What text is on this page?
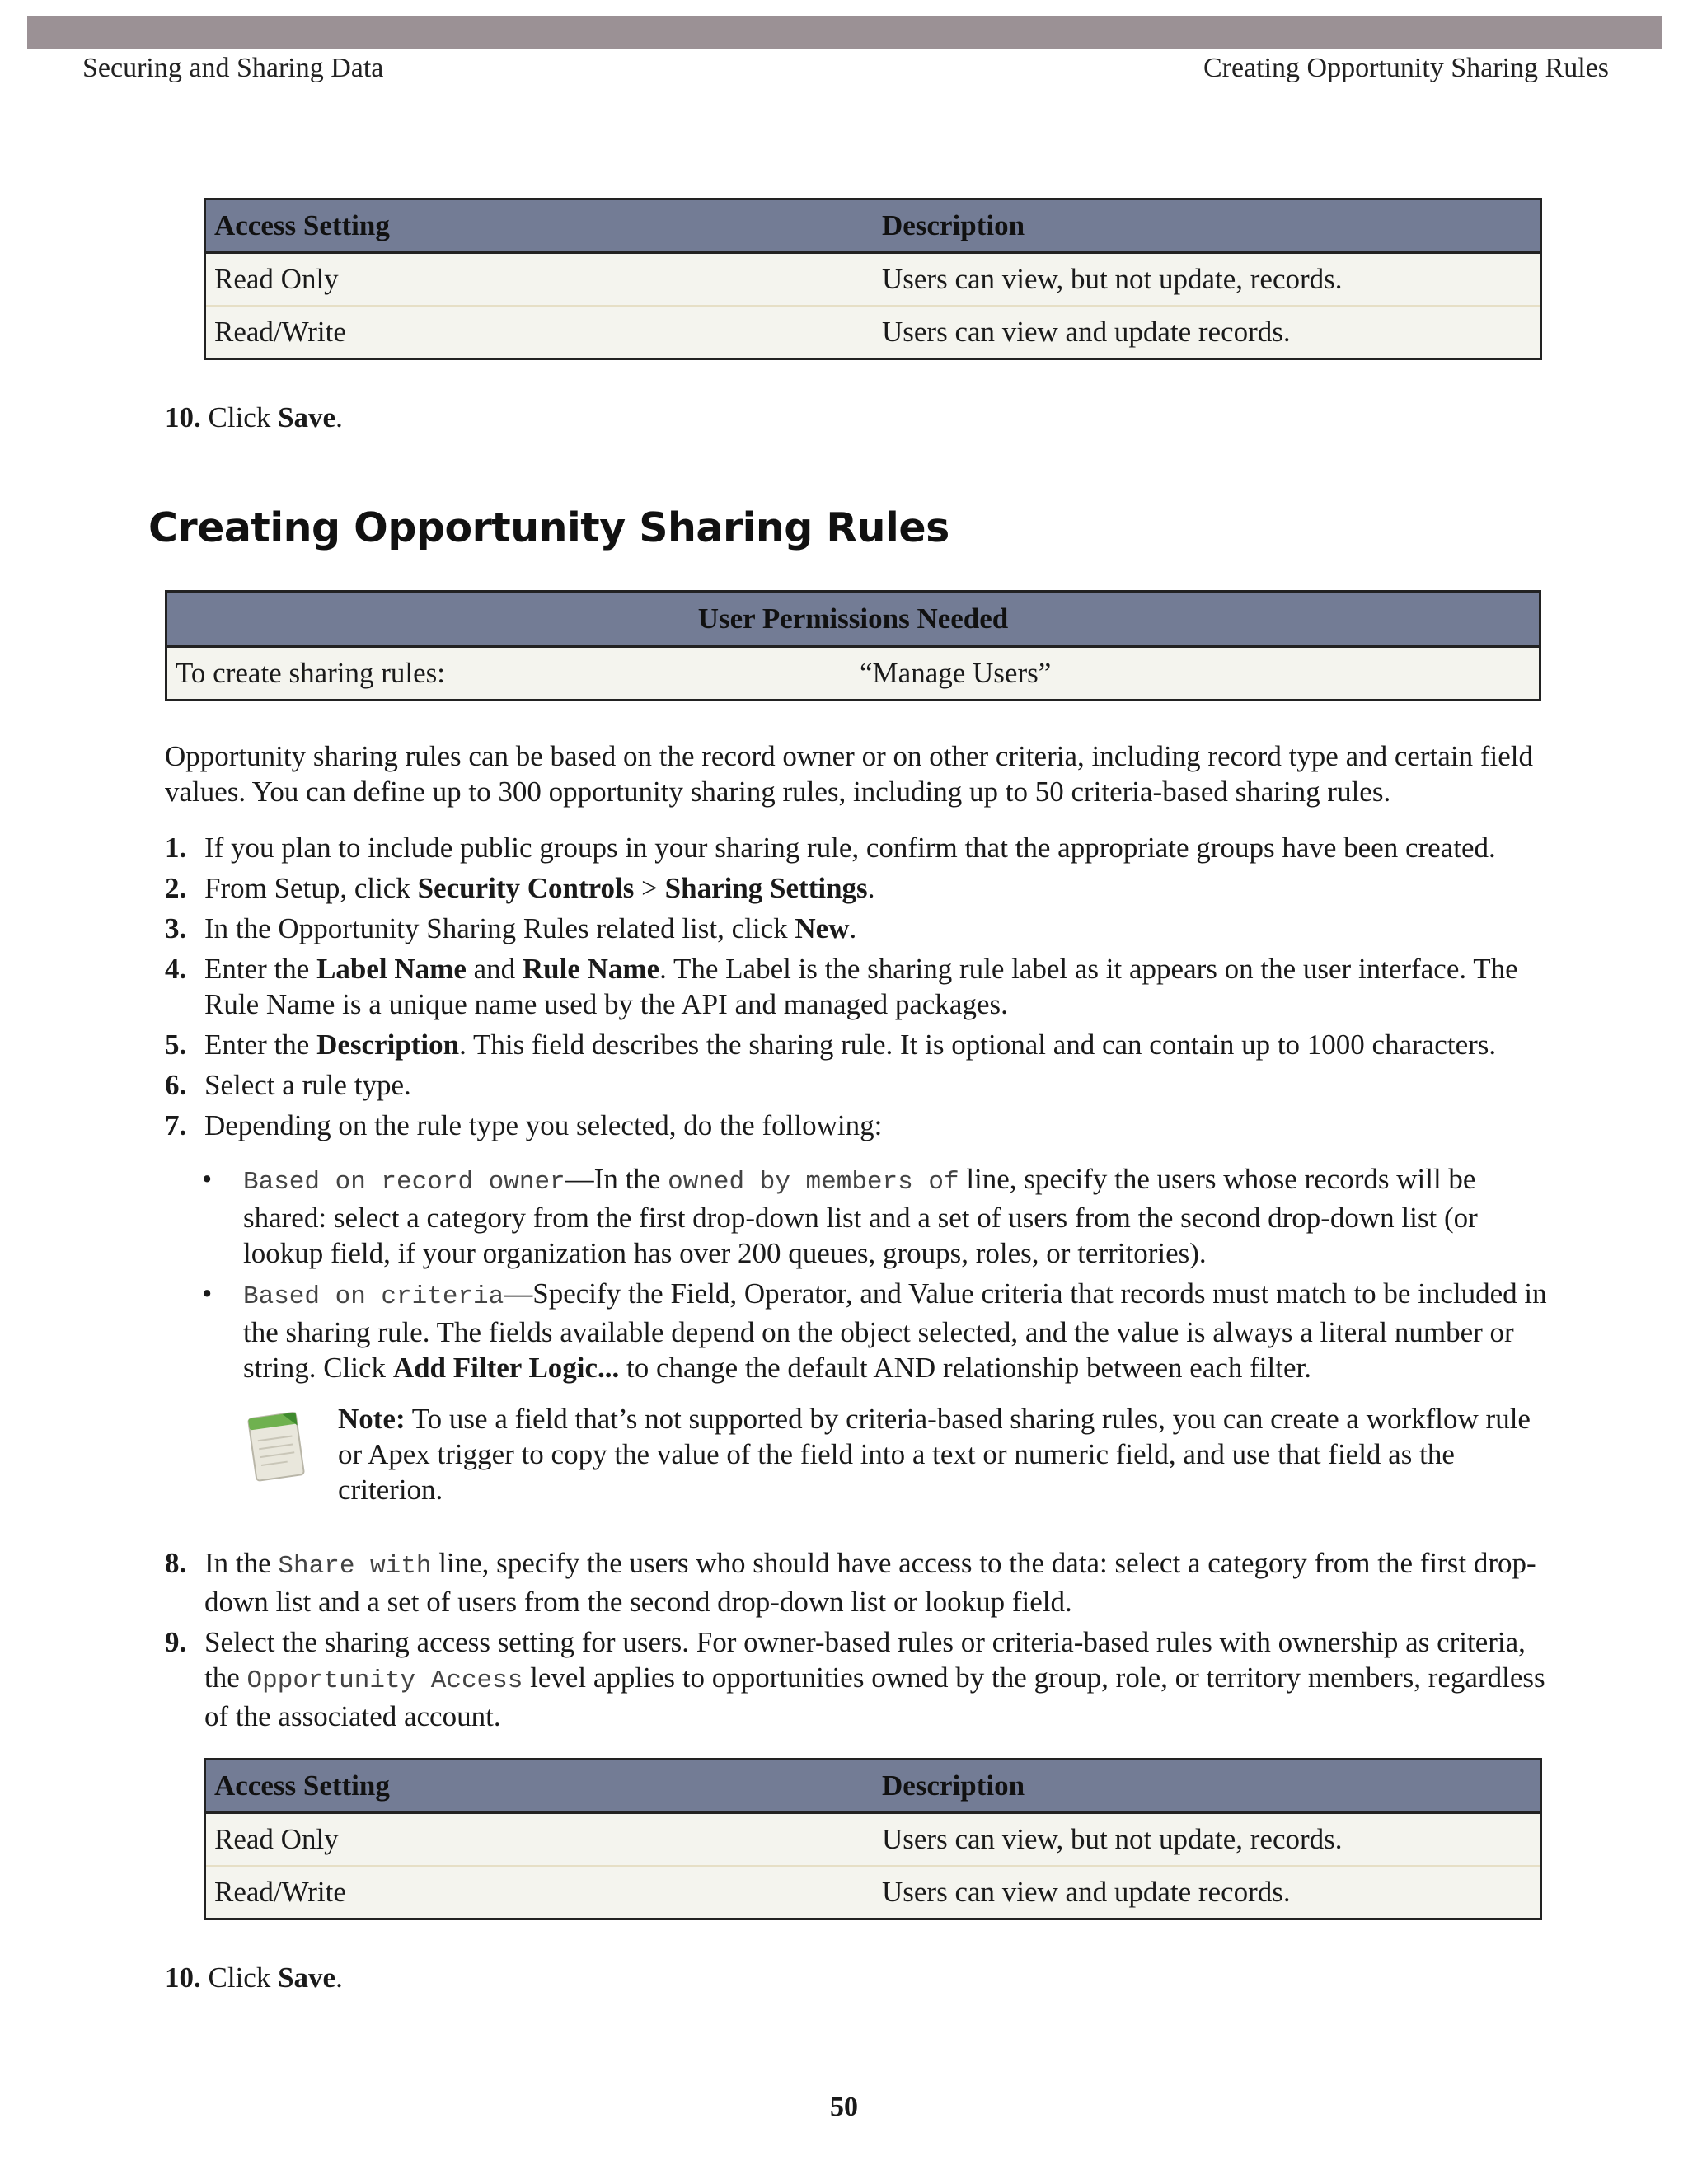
Securing and Sharing Data	Creating Opportunity Sharing Rules
Access Setting	Description
Read Only	Users can view, but not update, records.
Read/Write	Users can view and update records.
10. Click Save.
Creating Opportunity Sharing Rules
User Permissions Needed
To create sharing rules:	“Manage Users”
Opportunity sharing rules can be based on the record owner or on other criteria, including record type and certain field values. You can define up to 300 opportunity sharing rules, including up to 50 criteria-based sharing rules.
1. If you plan to include public groups in your sharing rule, confirm that the appropriate groups have been created.
2. From Setup, click Security Controls > Sharing Settings.
3. In the Opportunity Sharing Rules related list, click New.
4. Enter the Label Name and Rule Name. The Label is the sharing rule label as it appears on the user interface. The Rule Name is a unique name used by the API and managed packages.
5. Enter the Description. This field describes the sharing rule. It is optional and can contain up to 1000 characters.
6. Select a rule type.
7. Depending on the rule type you selected, do the following:
• Based on record owner—In the owned by members of line, specify the users whose records will be shared: select a category from the first drop-down list and a set of users from the second drop-down list (or lookup field, if your organization has over 200 queues, groups, roles, or territories).
• Based on criteria—Specify the Field, Operator, and Value criteria that records must match to be included in the sharing rule. The fields available depend on the object selected, and the value is always a literal number or string. Click Add Filter Logic... to change the default AND relationship between each filter.
Note: To use a field that’s not supported by criteria-based sharing rules, you can create a workflow rule or Apex trigger to copy the value of the field into a text or numeric field, and use that field as the criterion.
8. In the Share with line, specify the users who should have access to the data: select a category from the first drop-down list and a set of users from the second drop-down list or lookup field.
9. Select the sharing access setting for users. For owner-based rules or criteria-based rules with ownership as criteria, the Opportunity Access level applies to opportunities owned by the group, role, or territory members, regardless of the associated account.
Access Setting	Description
Read Only	Users can view, but not update, records.
Read/Write	Users can view and update records.
10. Click Save.
50
